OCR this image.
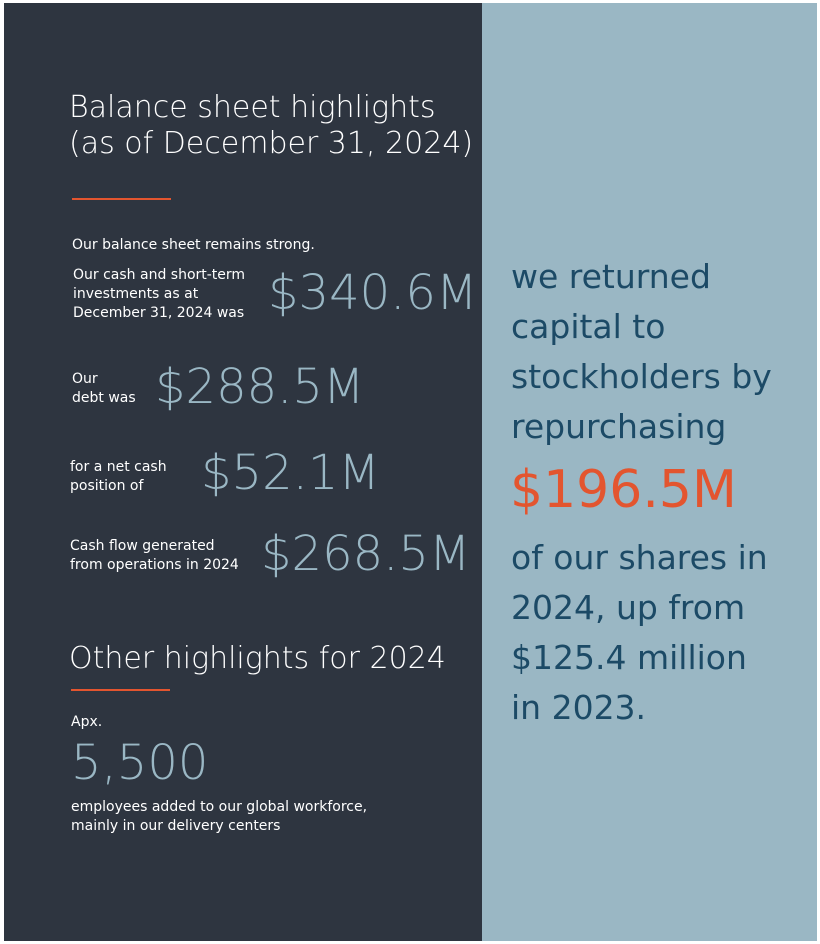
Balance sheet highlights
(as of December 31, 2024)
Our balance sheet remains strong.
Our cash and short-term
investments as at
December 31, 2024 was $340.6M
Our
debt was $288.5M
for a net cash
position of	$52.1M
Cash flow generated
from operations in 2024 $268.5M
Other highlights for 2024
Apx.
5,500
employees added to our global workforce,
mainly in our delivery centers
we returned
capital to
stockholders by
repurchasing
$196.5M
of our shares in
2024, up from
$125.4 million
in 2023.
